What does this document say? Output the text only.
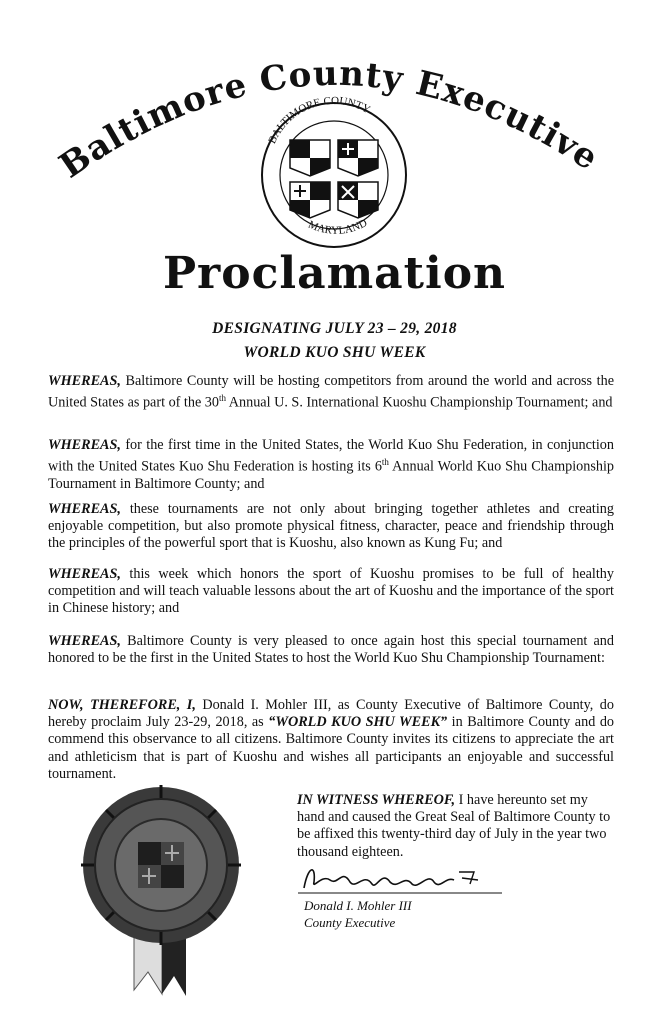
Baltimore County Executive
BALTIMORE COUNTY
MARYLAND
Proclamation
DESIGNATING JULY 23 – 29, 2018
WORLD KUO SHU WEEK
WHEREAS, Baltimore County will be hosting competitors from around the world and across the United States as part of the 30th Annual U. S. International Kuoshu Championship Tournament; and
WHEREAS, for the first time in the United States, the World Kuo Shu Federation, in conjunction with the United States Kuo Shu Federation is hosting its 6th Annual World Kuo Shu Championship Tournament in Baltimore County; and
WHEREAS, these tournaments are not only about bringing together athletes and creating enjoyable competition, but also promote physical fitness, character, peace and friendship through the principles of the powerful sport that is Kuoshu, also known as Kung Fu; and
WHEREAS, this week which honors the sport of Kuoshu promises to be full of healthy competition and will teach valuable lessons about the art of Kuoshu and the importance of the sport in Chinese history; and
WHEREAS, Baltimore County is very pleased to once again host this special tournament and honored to be the first in the United States to host the World Kuo Shu Championship Tournament:
NOW, THEREFORE, I, Donald I. Mohler III, as County Executive of Baltimore County, do hereby proclaim July 23-29, 2018, as “WORLD KUO SHU WEEK” in Baltimore County and do commend this observance to all citizens. Baltimore County invites its citizens to appreciate the art and athleticism that is part of Kuoshu and wishes all participants an enjoyable and successful tournament.
IN WITNESS WHEREOF, I have hereunto set my hand and caused the Great Seal of Baltimore County to be affixed this twenty-third day of July in the year two thousand eighteen.
Donald I. Mohler III
County Executive
